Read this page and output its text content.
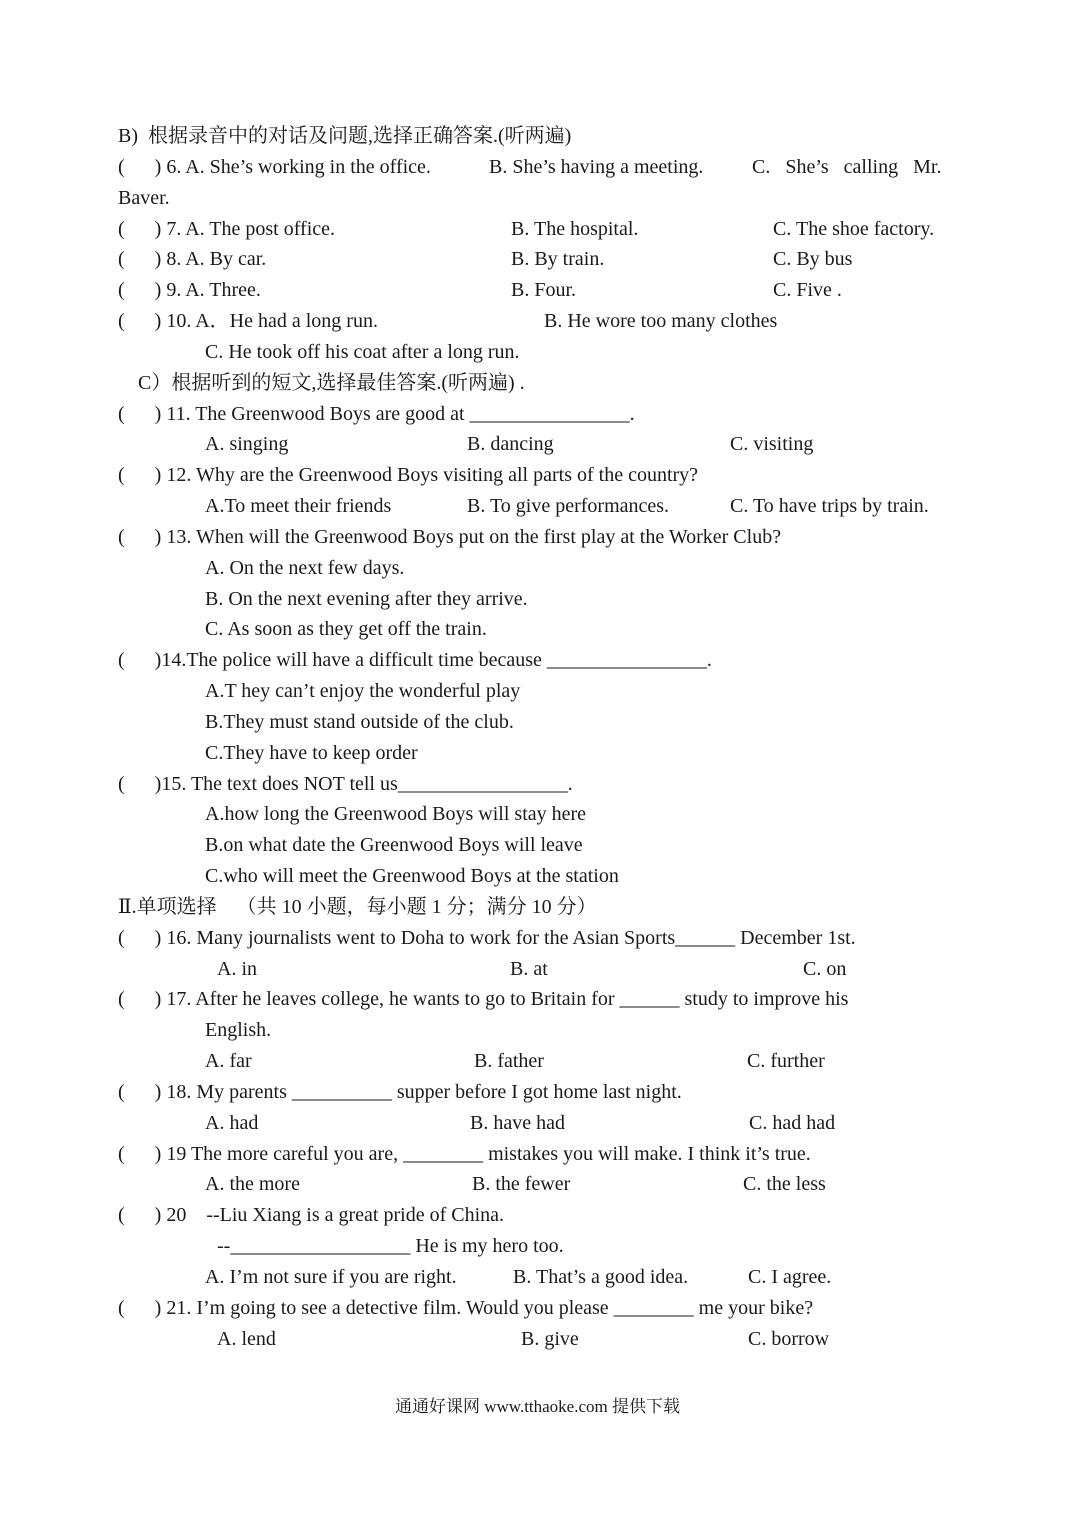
B)  根据录音中的对话及问题,选择正确答案.(听两遍)
(      ) 6. A. She’s working in the office.	B. She’s having a meeting. C.   She’s   calling   Mr.
Baver.
(      ) 7. A. The post office.	B. The hospital.	C. The shoe factory.
(      ) 8. A. By car.	B. By train.	C. By bus
(      ) 9. A. Three.	B. Four.	C. Five .
(      ) 10. A．He had a long run.	B. He wore too many clothes
C. He took off his coat after a long run.
C）根据听到的短文,选择最佳答案.(听两遍) .
(      ) 11. The Greenwood Boys are good at ________________.
A. singing	B. dancing	C. visiting
(      ) 12. Why are the Greenwood Boys visiting all parts of the country?
A.To meet their friends	B. To give performances.	C. To have trips by train.
(      ) 13. When will the Greenwood Boys put on the first play at the Worker Club?
A. On the next few days.
B. On the next evening after they arrive.
C. As soon as they get off the train.
(      )14.The police will have a difficult time because ________________.
A.T hey can’t enjoy the wonderful play
B.They must stand outside of the club.
C.They have to keep order
(      )15. The text does NOT tell us_________________.
A.how long the Greenwood Boys will stay here
B.on what date the Greenwood Boys will leave
C.who will meet the Greenwood Boys at the station
Ⅱ.单项选择    （共 10 小题，每小题 1 分；满分 10 分）
(      ) 16. Many journalists went to Doha to work for the Asian Sports______ December 1st.
A. in	B. at	C. on
(      ) 17. After he leaves college, he wants to go to Britain for ______ study to improve his
English.
A. far	B. father	C. further
(      ) 18. My parents __________ supper before I got home last night.
A. had	B. have had	C. had had
(      ) 19 The more careful you are, ________ mistakes you will make. I think it’s true.
A. the more	B. the fewer	C. the less
(      ) 20    --Liu Xiang is a great pride of China.
--__________________ He is my hero too.
A. I’m not sure if you are right.	B. That’s a good idea.	C. I agree.
(      ) 21. I’m going to see a detective film. Would you please ________ me your bike?
A. lend	B. give	C. borrow
通通好课网 www.tthaoke.com 提供下载
